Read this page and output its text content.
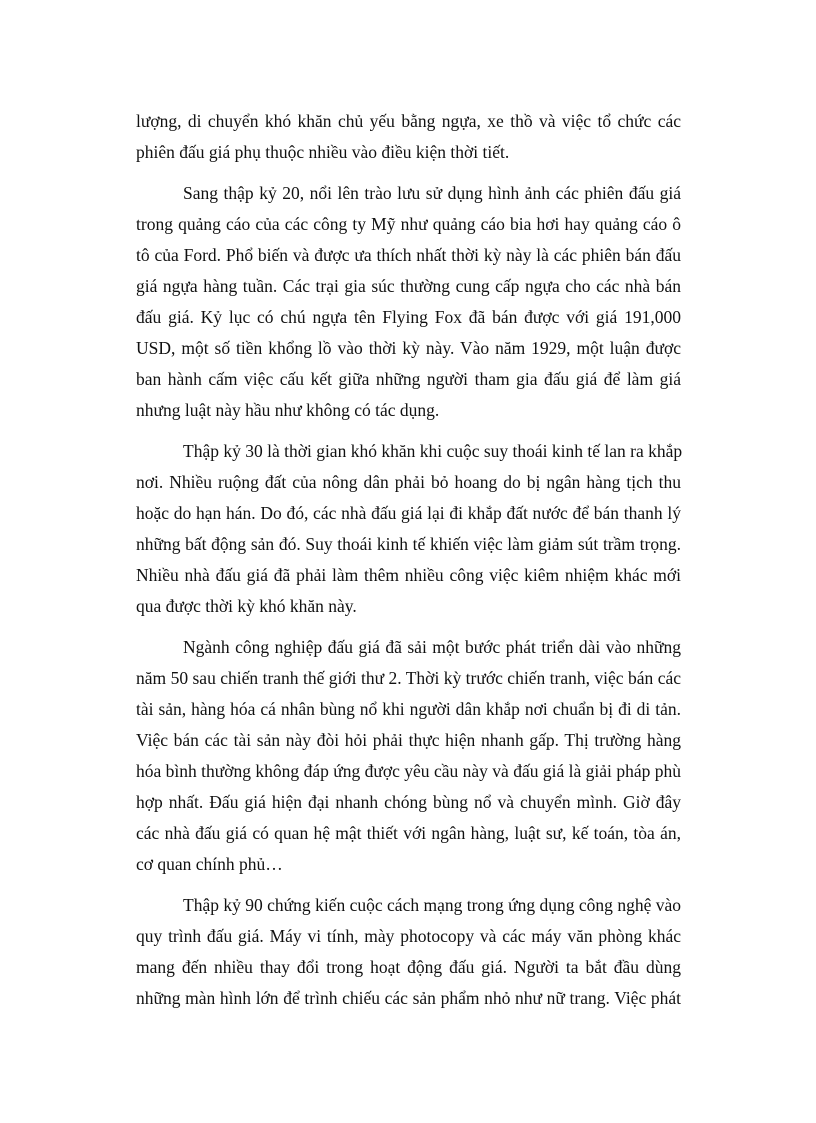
lượng, di chuyển khó khăn chủ yếu bằng ngựa, xe thồ và việc tổ chức các
phiên đấu giá phụ thuộc nhiều vào điều kiện thời tiết.
Sang thập kỷ 20, nổi lên trào lưu sử dụng hình ảnh các phiên đấu giá
trong quảng cáo của các công ty Mỹ như quảng cáo bia hơi hay quảng cáo ô
tô của Ford. Phổ biến và được ưa thích nhất thời kỳ này là các phiên bán đấu
giá ngựa hàng tuần. Các trại gia súc thường cung cấp ngựa cho các nhà bán
đấu giá. Kỷ lục có chú ngựa tên Flying Fox đã bán được với giá 191,000
USD, một số tiền khổng lồ vào thời kỳ này. Vào năm 1929, một luận được
ban hành cấm việc cấu kết giữa những người tham gia đấu giá để làm giá
nhưng luật này hầu như không có tác dụng.
Thập kỷ 30 là thời gian khó khăn khi cuộc suy thoái kinh tế lan ra khắp
nơi. Nhiều ruộng đất của nông dân phải bỏ hoang do bị ngân hàng tịch thu
hoặc do hạn hán. Do đó, các nhà đấu giá lại đi khắp đất nước để bán thanh lý
những bất động sản đó. Suy thoái kinh tế khiến việc làm giảm sút trầm trọng.
Nhiều nhà đấu giá đã phải làm thêm nhiều công việc kiêm nhiệm khác mới
qua được thời kỳ khó khăn này.
Ngành công nghiệp đấu giá đã sải một bước phát triển dài vào những
năm 50 sau chiến tranh thế giới thư 2. Thời kỳ trước chiến tranh, việc bán các
tài sản, hàng hóa cá nhân bùng nổ khi người dân khắp nơi chuẩn bị đi di tản.
Việc bán các tài sản này đòi hỏi phải thực hiện nhanh gấp. Thị trường hàng
hóa bình thường không đáp ứng được yêu cầu này và đấu giá là giải pháp phù
hợp nhất. Đấu giá hiện đại nhanh chóng bùng nổ và chuyển mình. Giờ đây
các nhà đấu giá có quan hệ mật thiết với ngân hàng, luật sư, kế toán, tòa án,
cơ quan chính phủ…
Thập kỷ 90 chứng kiến cuộc cách mạng trong ứng dụng công nghệ vào
quy trình đấu giá. Máy vi tính, mày photocopy và các máy văn phòng khác
mang đến nhiều thay đổi trong hoạt động đấu giá. Người ta bắt đầu dùng
những màn hình lớn để trình chiếu các sản phẩm nhỏ như nữ trang. Việc phát
